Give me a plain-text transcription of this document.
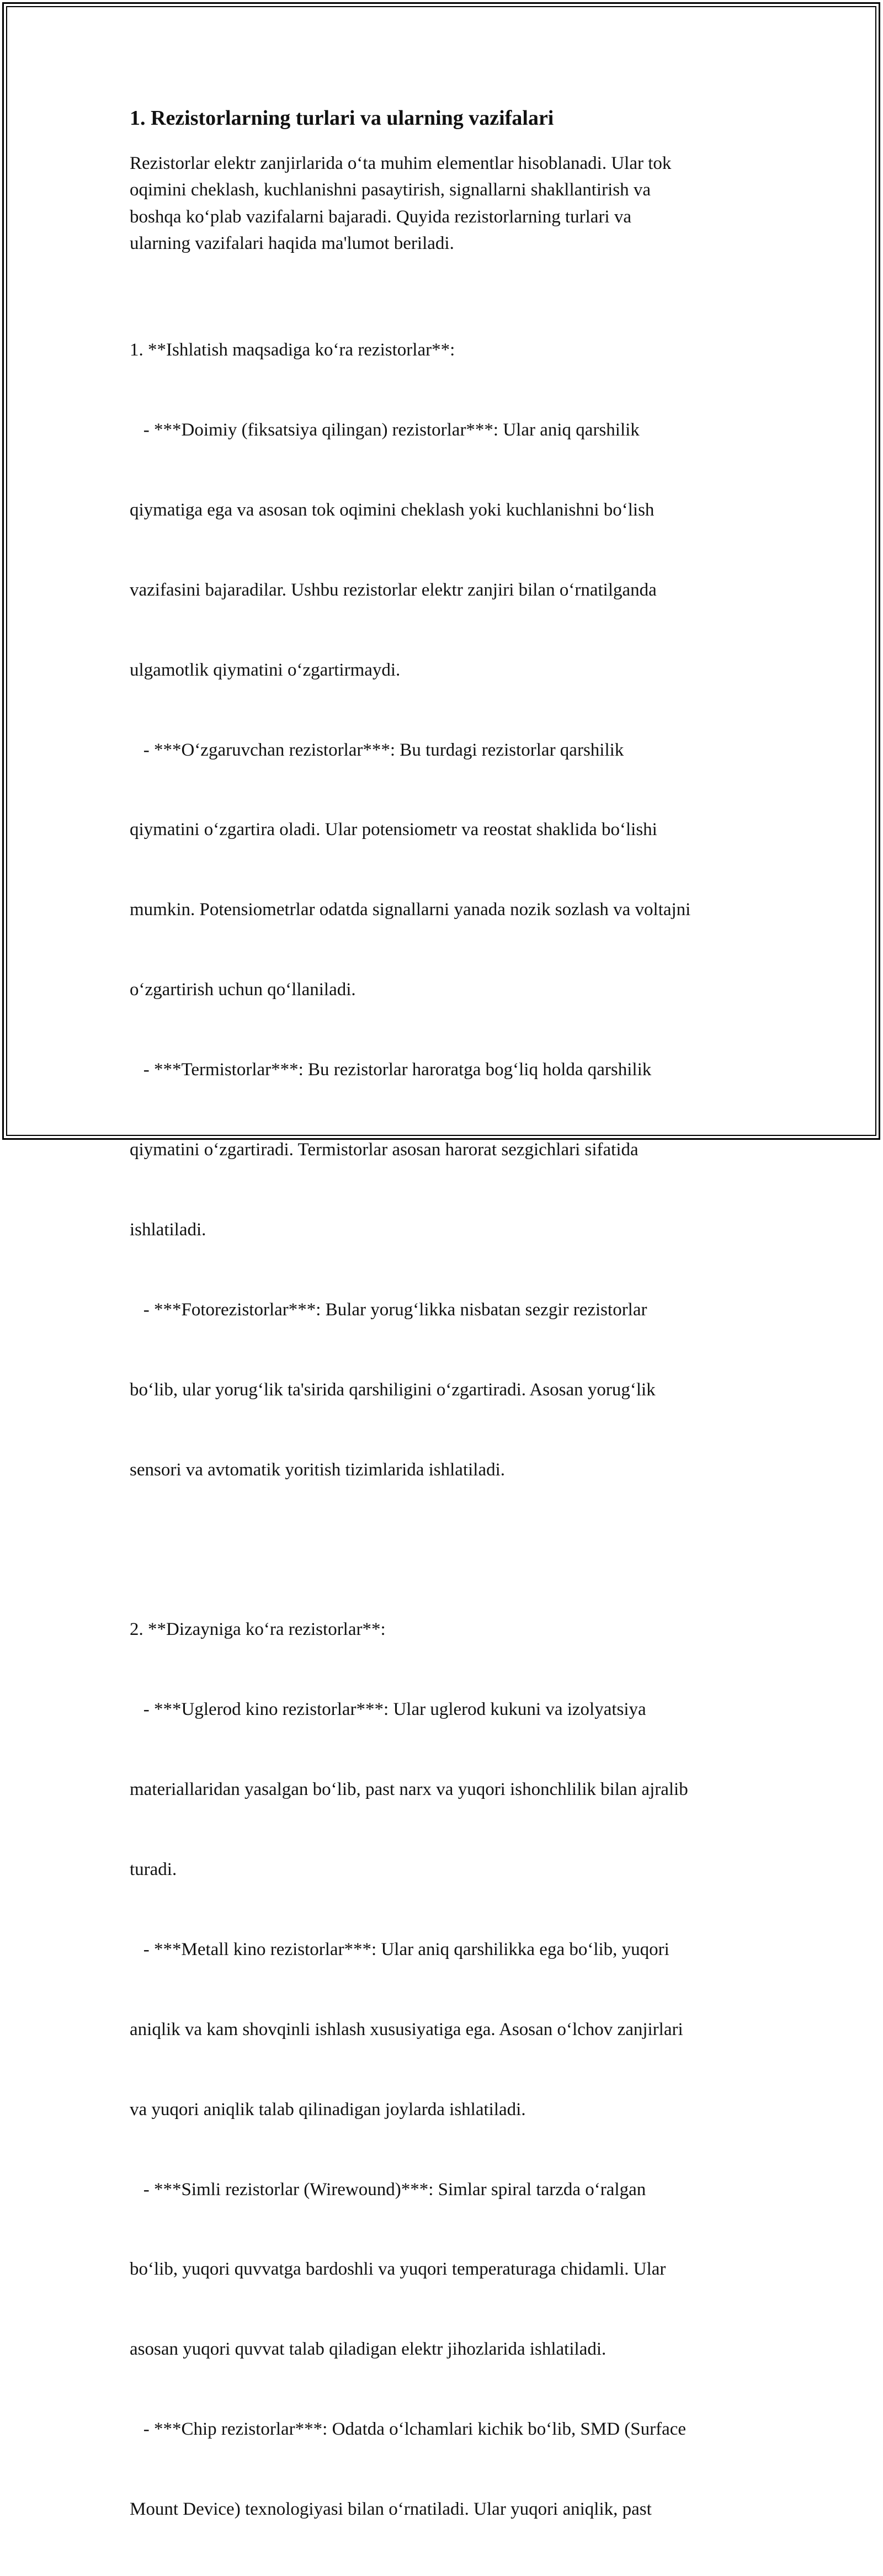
1. Rezistorlarning turlari va ularning vazifalari
Rezistorlar elektr zanjirlarida o‘ta muhim elementlar hisoblanadi. Ular tok
oqimini cheklash, kuchlanishni pasaytirish, signallarni shakllantirish va
boshqa ko‘plab vazifalarni bajaradi. Quyida rezistorlarning turlari va
ularning vazifalari haqida ma'lumot beriladi.

1. **Ishlatish maqsadiga ko‘ra rezistorlar**:

- ***Doimiy (fiksatsiya qilingan) rezistorlar***: Ular aniq qarshilik

qiymatiga ega va asosan tok oqimini cheklash yoki kuchlanishni bo‘lish

vazifasini bajaradilar. Ushbu rezistorlar elektr zanjiri bilan o‘rnatilganda

ulgamotlik qiymatini o‘zgartirmaydi.

- ***O‘zgaruvchan rezistorlar***: Bu turdagi rezistorlar qarshilik

qiymatini o‘zgartira oladi. Ular potensiometr va reostat shaklida bo‘lishi

mumkin. Potensiometrlar odatda signallarni yanada nozik sozlash va voltajni

o‘zgartirish uchun qo‘llaniladi.

- ***Termistorlar***: Bu rezistorlar haroratga bog‘liq holda qarshilik

qiymatini o‘zgartiradi. Termistorlar asosan harorat sezgichlari sifatida

ishlatiladi.

- ***Fotorezistorlar***: Bular yorug‘likka nisbatan sezgir rezistorlar

bo‘lib, ular yorug‘lik ta'sirida qarshiligini o‘zgartiradi. Asosan yorug‘lik

sensori va avtomatik yoritish tizimlarida ishlatiladi.

2. **Dizayniga ko‘ra rezistorlar**:

- ***Uglerod kino rezistorlar***: Ular uglerod kukuni va izolyatsiya

materiallaridan yasalgan bo‘lib, past narx va yuqori ishonchlilik bilan ajralib

turadi.

- ***Metall kino rezistorlar***: Ular aniq qarshilikka ega bo‘lib, yuqori

aniqlik va kam shovqinli ishlash xususiyatiga ega. Asosan o‘lchov zanjirlari

va yuqori aniqlik talab qilinadigan joylarda ishlatiladi.

- ***Simli rezistorlar (Wirewound)***: Simlar spiral tarzda o‘ralgan

bo‘lib, yuqori quvvatga bardoshli va yuqori temperaturaga chidamli. Ular

asosan yuqori quvvat talab qiladigan elektr jihozlarida ishlatiladi.

- ***Chip rezistorlar***: Odatda o‘lchamlari kichik bo‘lib, SMD (Surface

Mount Device) texnologiyasi bilan o‘rnatiladi. Ular yuqori aniqlik, past
